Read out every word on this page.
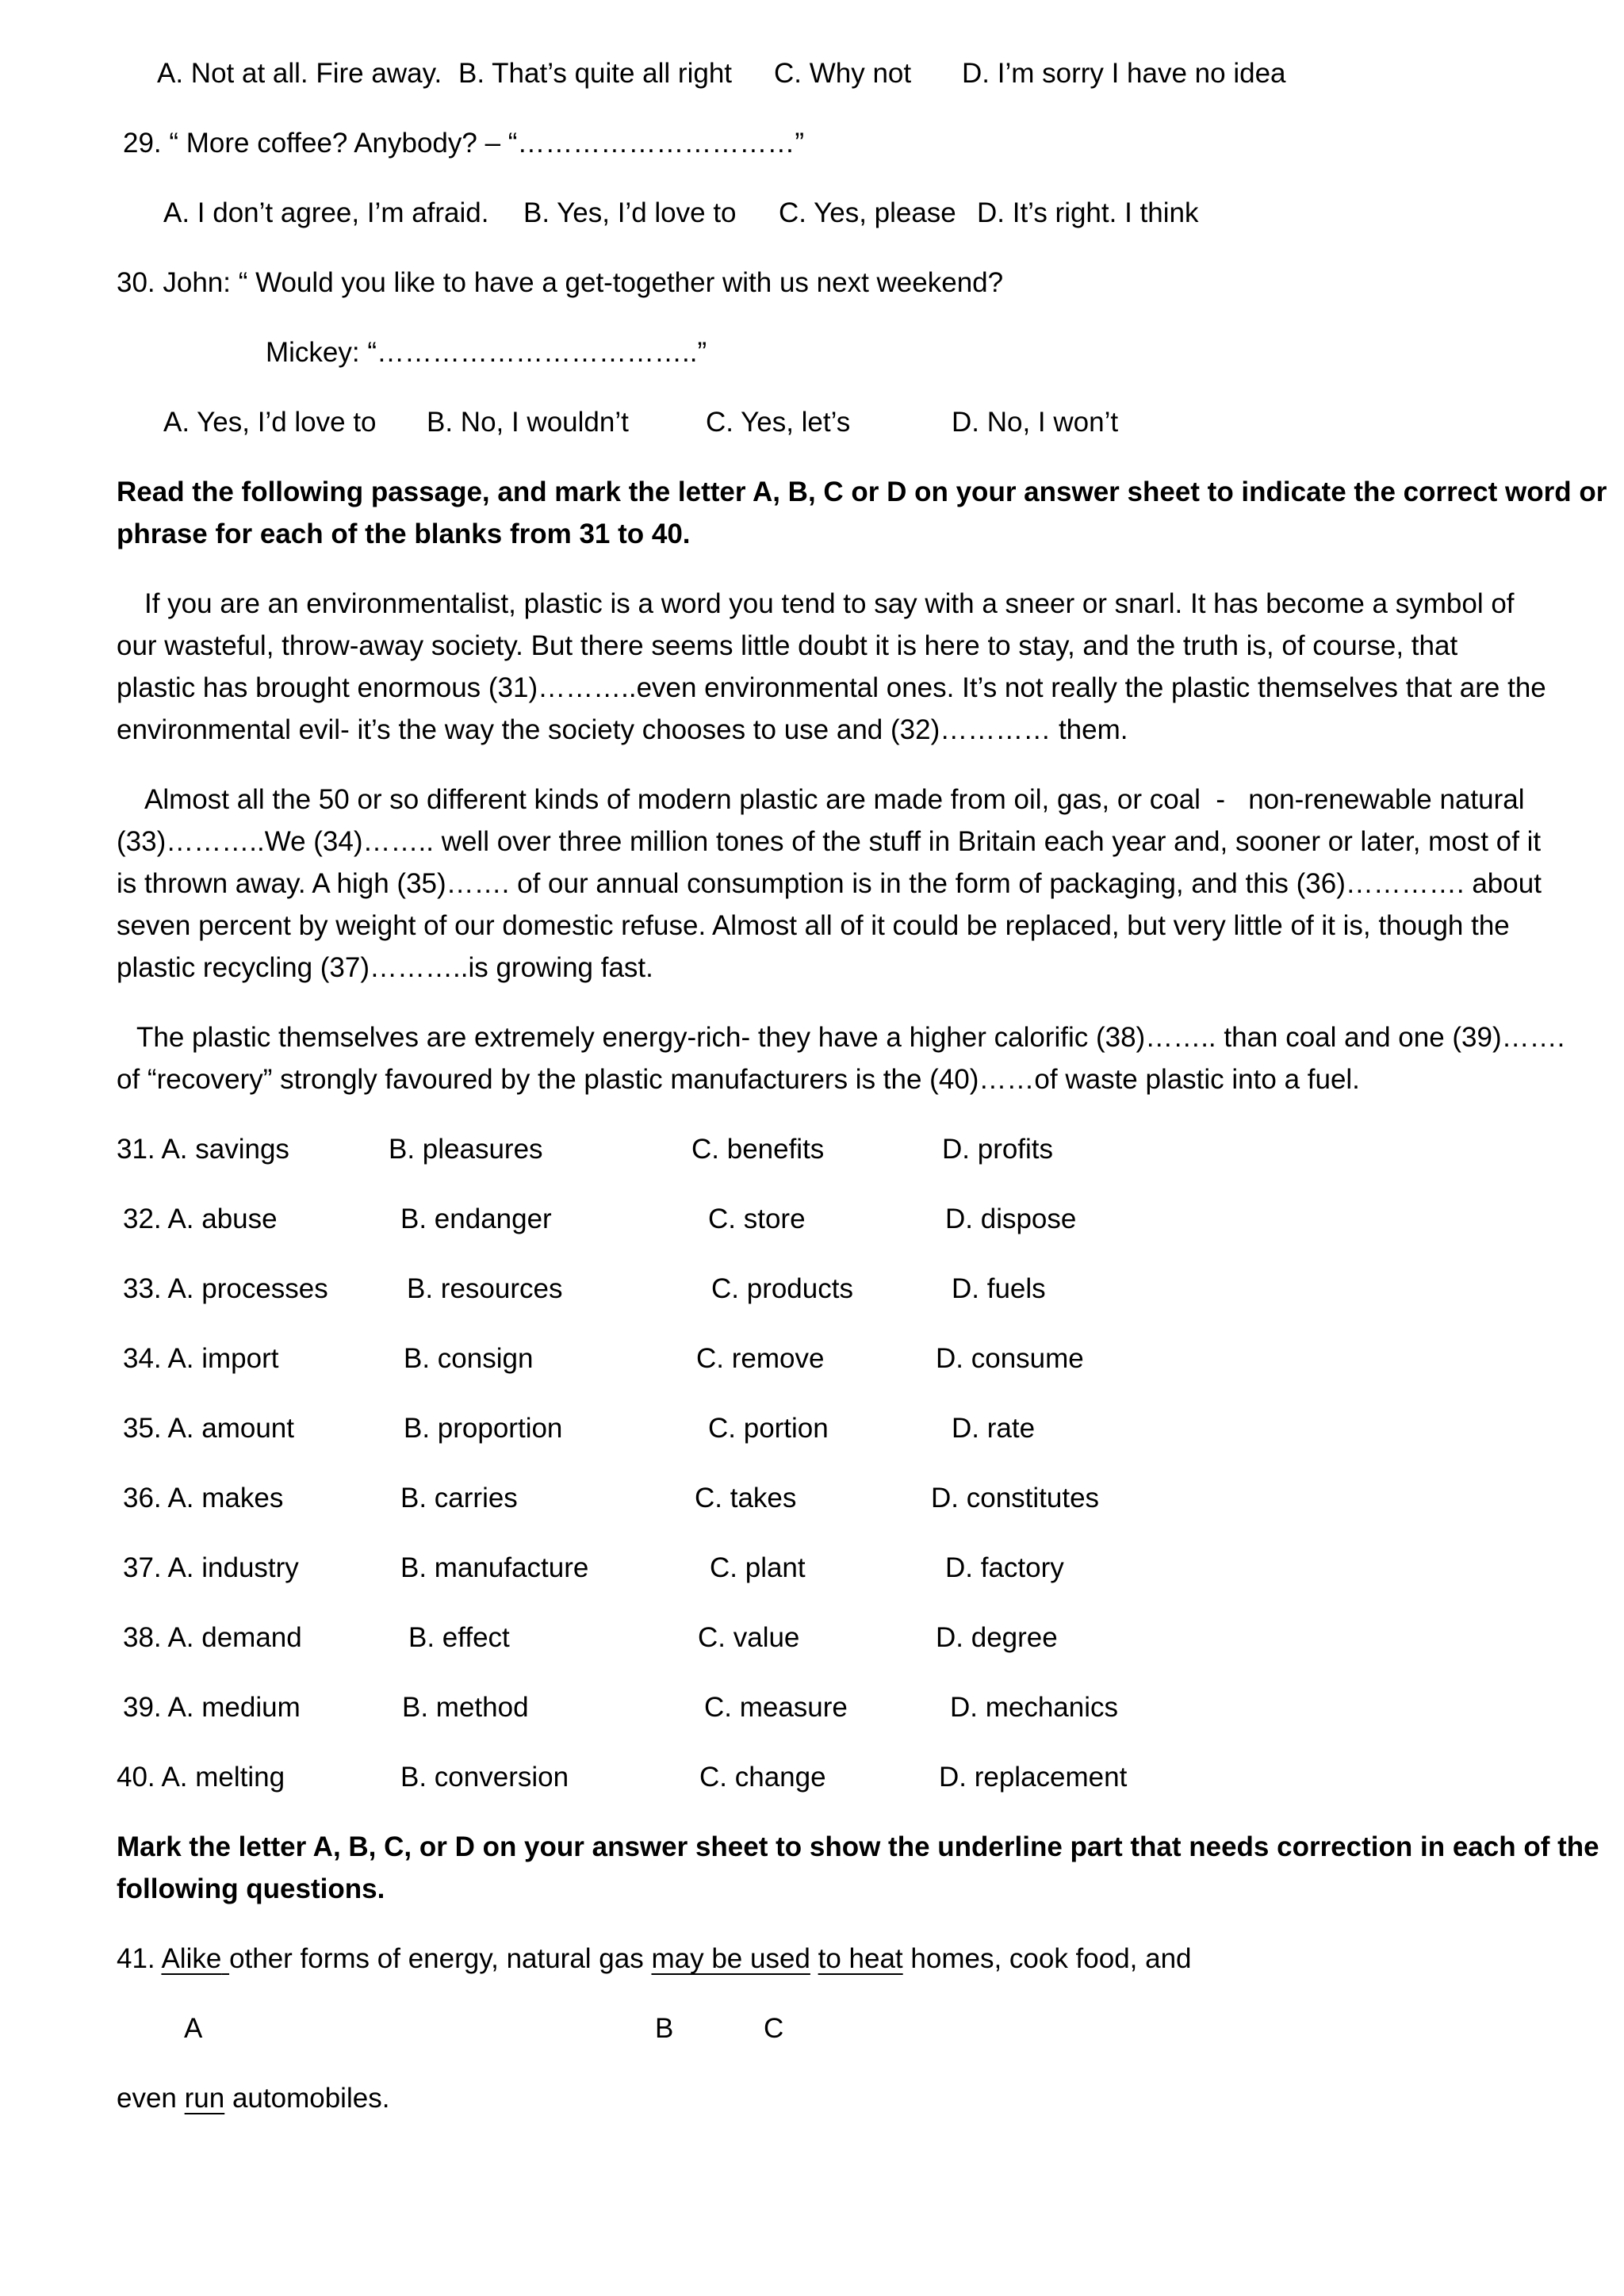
A. Not at all. Fire away. B. That’s quite all right C. Why not D. I’m sorry I have no idea
29. “ More coffee? Anybody? – “…………………………”
A. I don’t agree, I’m afraid. B. Yes, I’d love to C. Yes, please D. It’s right. I think
30. John: “ Would you like to have a get-together with us next weekend?
Mickey: “……………………………..”
A. Yes, I’d love to B. No, I wouldn’t	C. Yes, let’s	D. No, I won’t
Read the following passage, and mark the letter A, B, C or D on your answer sheet to indicate the correct word or
phrase for each of the blanks from 31 to 40.
If you are an environmentalist, plastic is a word you tend to say with a sneer or snarl. It has become a symbol of
our wasteful, throw-away society. But there seems little doubt it is here to stay, and the truth is, of course, that
plastic has brought enormous (31)………..even environmental ones. It’s not really the plastic themselves that are the
environmental evil- it’s the way the society chooses to use and (32)………… them.
Almost all the 50 or so different kinds of modern plastic are made from oil, gas, or coal  -   non-renewable natural
(33)………..We (34)…….. well over three million tones of the stuff in Britain each year and, sooner or later, most of it
is thrown away. A high (35)……. of our annual consumption is in the form of packaging, and this (36)…………. about
seven percent by weight of our domestic refuse. Almost all of it could be replaced, but very little of it is, though the
plastic recycling (37)………..is growing fast.
The plastic themselves are extremely energy-rich- they have a higher calorific (38)…….. than coal and one (39)…….
of “recovery” strongly favoured by the plastic manufacturers is the (40)……of waste plastic into a fuel.
31. A. savings	B. pleasures	C. benefits	D. profits
32. A. abuse	B. endanger	C. store	D. dispose
33. A. processes	B. resources	C. products	D. fuels
34. A. import	B. consign	C. remove	D. consume
35. A. amount	B. proportion	C. portion	D. rate
36. A. makes	B. carries	C. takes	D. constitutes
37. A. industry	B. manufacture	C. plant	D. factory
38. A. demand	B. effect	C. value	D. degree
39. A. medium	B. method	C. measure	D. mechanics
40. A. melting	B. conversion	C. change	D. replacement
Mark the letter A, B, C, or D on your answer sheet to show the underline part that needs correction in each of the
following questions.
41. Alike other forms of energy, natural gas may be used to heat homes, cook food, and
A	B	C
even run automobiles.
